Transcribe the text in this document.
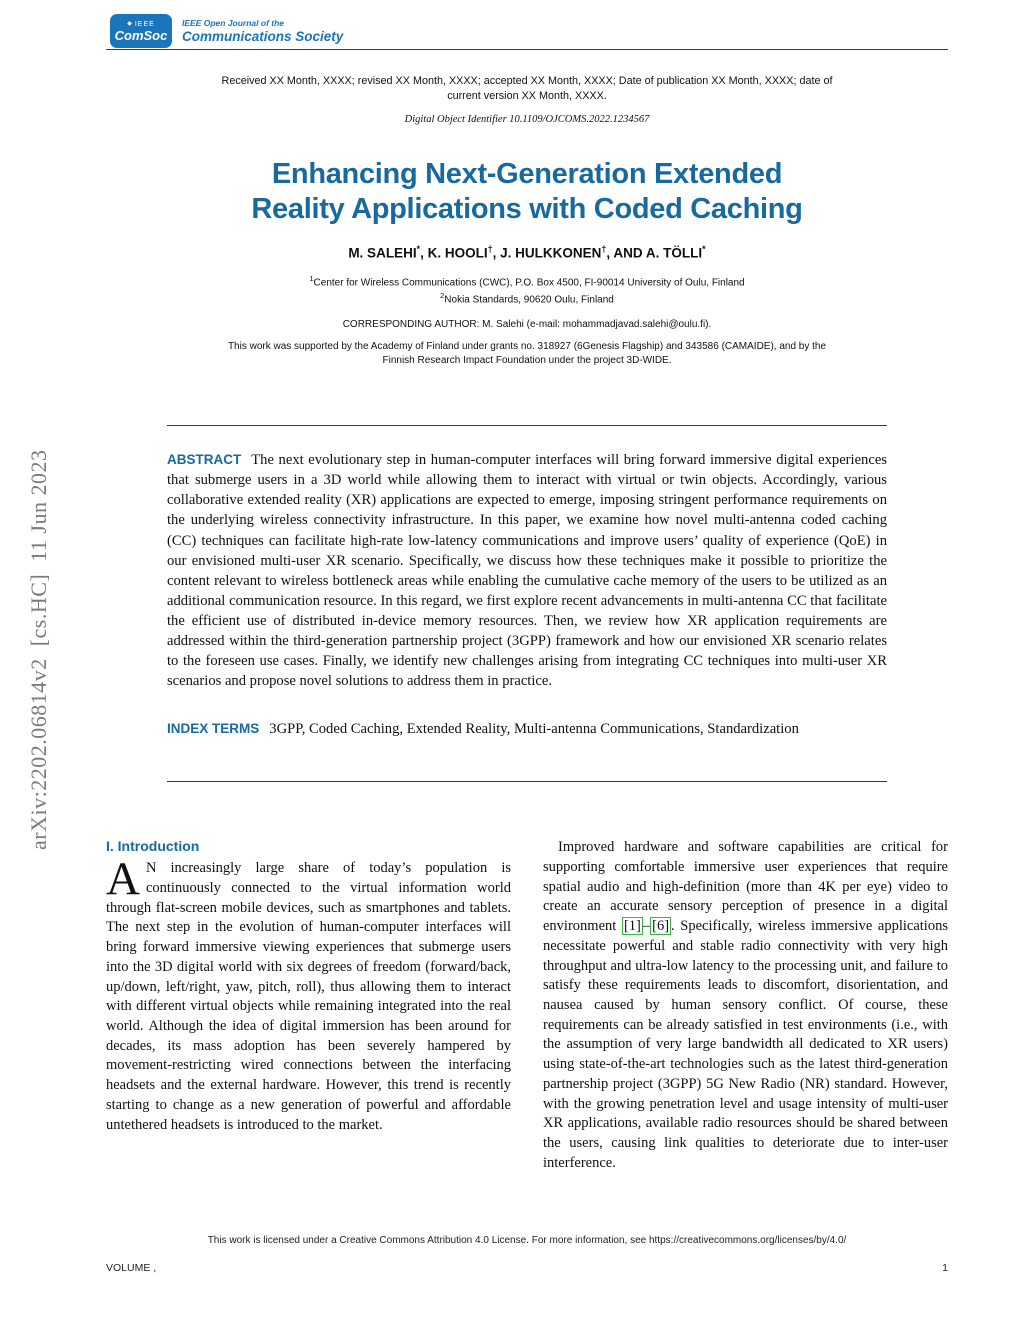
arXiv:2202.06814v2  [cs.HC]  11 Jun 2023
◆ IEEE
ComSoc
IEEE Open Journal of the
Communications Society
Received XX Month, XXXX; revised XX Month, XXXX; accepted XX Month, XXXX; Date of publication XX Month, XXXX; date of
current version XX Month, XXXX.
Digital Object Identifier 10.1109/OJCOMS.2022.1234567
Enhancing Next-Generation Extended
Reality Applications with Coded Caching
M. SALEHI*, K. HOOLI†, J. HULKKONEN†, AND A. TÖLLI*
$^1$Center for Wireless Communications (CWC), P.O. Box 4500, FI-90014 University of Oulu, Finland
$^2$Nokia Standards, 90620 Oulu, Finland
CORRESPONDING AUTHOR: M. Salehi (e-mail: mohammadjavad.salehi@oulu.fi).
This work was supported by the Academy of Finland under grants no. 318927 (6Genesis Flagship) and 343586 (CAMAIDE), and by the
Finnish Research Impact Foundation under the project 3D-WIDE.

ABSTRACT The next evolutionary step in human-computer interfaces will bring forward immersive digital experiences that submerge users in a 3D world while allowing them to interact with virtual or twin objects. Accordingly, various collaborative extended reality (XR) applications are expected to emerge, imposing stringent performance requirements on the underlying wireless connectivity infrastructure. In this paper, we examine how novel multi-antenna coded caching (CC) techniques can facilitate high-rate low-latency communications and improve users’ quality of experience (QoE) in our envisioned multi-user XR scenario. Specifically, we discuss how these techniques make it possible to prioritize the content relevant to wireless bottleneck areas while enabling the cumulative cache memory of the users to be utilized as an additional communication resource. In this regard, we first explore recent advancements in multi-antenna CC that facilitate the efficient use of distributed in-device memory resources. Then, we review how XR application requirements are addressed within the third-generation partnership project (3GPP) framework and how our envisioned XR scenario relates to the foreseen use cases. Finally, we identify new challenges arising from integrating CC techniques into multi-user XR scenarios and propose novel solutions to address them in practice.

INDEX TERMS 3GPP, Coded Caching, Extended Reality, Multi-antenna Communications, Standardization

I. Introduction

A N increasingly large share of today’s population is continuously connected to the virtual information world through flat-screen mobile devices, such as smartphones and tablets. The next step in the evolution of human-computer interfaces will bring forward immersive viewing experiences that submerge users into the 3D digital world with six degrees of freedom (forward/back, up/down, left/right, yaw, pitch, roll), thus allowing them to interact with different virtual objects while remaining integrated into the real world. Although the idea of digital immersion has been around for decades, its mass adoption has been severely hampered by movement-restricting wired connections between the interfacing headsets and the external hardware. However, this trend is recently starting to change as a new generation of powerful and affordable untethered headsets is introduced to the market.

Improved hardware and software capabilities are critical for supporting comfortable immersive user experiences that require spatial audio and high-definition (more than 4K per eye) video to create an accurate sensory perception of presence in a digital environment [1] – [6] . Specifically, wireless immersive applications necessitate powerful and stable radio connectivity with very high throughput and ultra-low latency to the processing unit, and failure to satisfy these requirements leads to discomfort, disorientation, and nausea caused by human sensory conflict. Of course, these requirements can be already satisfied in test environments (i.e., with the assumption of very large bandwidth all dedicated to XR users) using state-of-the-art technologies such as the latest third-generation partnership project (3GPP) 5G New Radio (NR) standard. However, with the growing penetration level and usage intensity of multi-user XR applications, available radio resources should be shared between the users, causing link qualities to deteriorate due to inter-user interference.

This work is licensed under a Creative Commons Attribution 4.0 License. For more information, see https://creativecommons.org/licenses/by/4.0/
VOLUME ,	1
